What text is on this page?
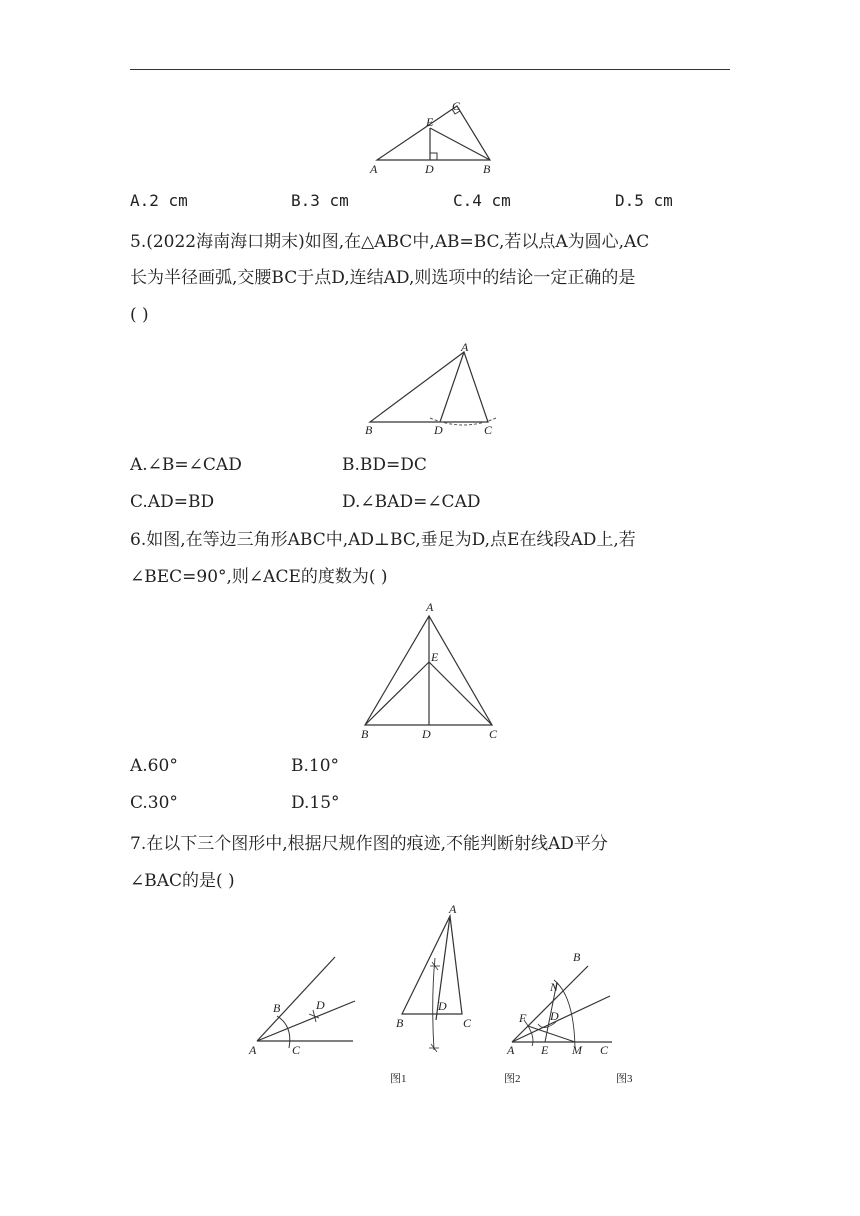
A	D	B
E
C
A.2 cm	B.3 cm	C.4 cm	D.5 cm
5.(2022海南海口期末)如图,在△ABC中,AB=BC,若以点A为圆心,AC
长为半径画弧,交腰BC于点D,连结AD,则选项中的结论一定正确的是
( )
B	D	C
A
A.∠B=∠CAD	B.BD=DC
C.AD=BD	D.∠BAD=∠CAD
6.如图,在等边三角形ABC中,AD⊥BC,垂足为D,点E在线段AD上,若
∠BEC=90°,则∠ACE的度数为( )
A
E
B	D	C
A.60°	B.10°
C.30°	D.15°
7.在以下三个图形中,根据尺规作图的痕迹,不能判断射线AD平分
∠BAC的是( )
B	D
A	C
A
D
B	C
B
N
D
F
A E M C
图1	图2	图3
